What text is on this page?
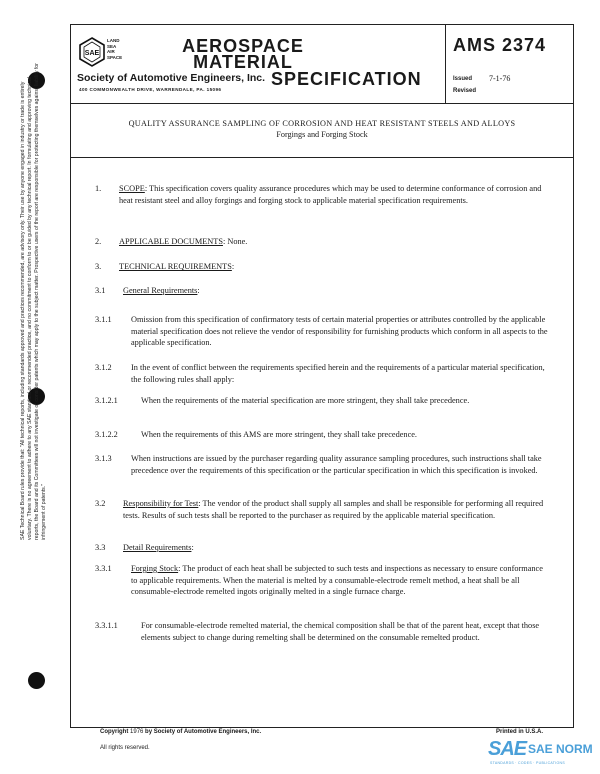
SAE Technical Board rules provide that: "All technical reports, including standards approved and practices recommended, are advisory only. Their use by anyone engaged in industry or trade is entirely voluntary. There is no agreement to adhere to any SAE standard or recommended practice, and no commitment to conform to or be guided by any technical report. In formulating and approving technical reports, the Board and its Committees will not investigate or consider patents which may apply to the subject matter. Prospective users of the report are responsible for protecting themselves against liability for infringement of patents."
SAE
LAND
SEA
AIR
SPACE
AEROSPACE
MATERIAL
SPECIFICATION
Society of Automotive Engineers, Inc.
400 COMMONWEALTH DRIVE, WARRENDALE, PA. 15096
AMS 2374
Issued 7-1-76
Revised
QUALITY ASSURANCE SAMPLING OF CORROSION AND HEAT RESISTANT STEELS AND ALLOYS
Forgings and Forging Stock
1. SCOPE: This specification covers quality assurance procedures which may be used to determine conformance of corrosion and heat resistant steel and alloy forgings and forging stock to applicable material specification requirements.

2. APPLICABLE DOCUMENTS: None.

3. TECHNICAL REQUIREMENTS:

3.1 General Requirements:

3.1.1 Omission from this specification of confirmatory tests of certain material properties or attributes controlled by the applicable material specification does not relieve the vendor of responsibility for furnishing products which conform in all aspects to the applicable specification.

3.1.2 In the event of conflict between the requirements specified herein and the requirements of a particular material specification, the following rules shall apply:

3.1.2.1	When the requirements of the material specification are more stringent, they shall take precedence.

3.1.2.2	When the requirements of this AMS are more stringent, they shall take precedence.

3.1.3 When instructions are issued by the purchaser regarding quality assurance sampling procedures, such instructions shall take precedence over the requirements of this specification or the particular specification in which this specification is invoked.

3.2 Responsibility for Test: The vendor of the product shall supply all samples and shall be responsible for performing all required tests. Results of such tests shall be reported to the purchaser as required by the applicable material specification.

3.3 Detail Requirements:

3.3.1 Forging Stock: The product of each heat shall be subjected to such tests and inspections as necessary to ensure conformance to applicable requirements. When the material is melted by a consumable-electrode remelt method, a heat shall be all consumable-electrode remelted ingots originally melted in a single furnace charge.

3.3.1.1	For consumable-electrode remelted material, the chemical composition shall be that of the parent heat, except that those elements subject to change during remelting shall be determined on the consumable remelted product.

Copyright 1976 by Society of Automotive Engineers, Inc.
All rights reserved.
Printed in U.S.A.
SAE SAE NORM
STANDARDS · CODES · PUBLICATIONS
